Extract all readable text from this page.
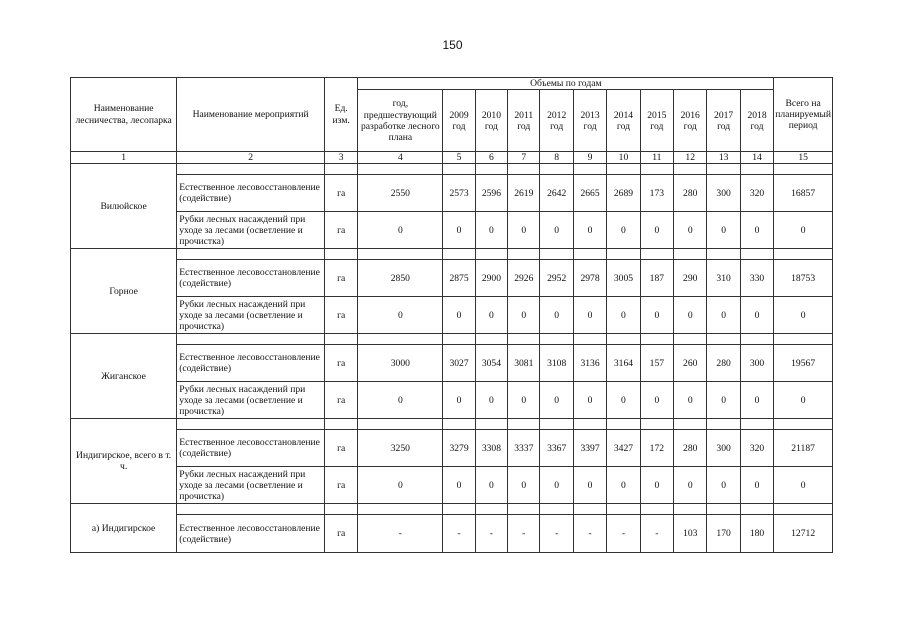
150
Наименование лесничества, лесопарка	Наименование мероприятий	Ед. изм.	Объемы по годам											Всего на планируемый период
			год, предшествующий разработке лесного плана	2009 год	2010 год	2011 год	2012 год	2013 год	2014 год	2015 год	2016 год	2017 год	2018 год	
1	2	3	4	5	6	7	8	9	10	11	12	13	14	15
Вилюйское														
	Естественное лесовосстановление (содействие)	га	2550	2573	2596	2619	2642	2665	2689	173	280	300	320	16857
	Рубки лесных насаждений при уходе за лесами (осветление и прочистка)	га	0	0	0	0	0	0	0	0	0	0	0	0
Горное														
	Естественное лесовосстановление (содействие)	га	2850	2875	2900	2926	2952	2978	3005	187	290	310	330	18753
	Рубки лесных насаждений при уходе за лесами (осветление и прочистка)	га	0	0	0	0	0	0	0	0	0	0	0	0
Жиганское														
	Естественное лесовосстановление (содействие)	га	3000	3027	3054	3081	3108	3136	3164	157	260	280	300	19567
	Рубки лесных насаждений при уходе за лесами (осветление и прочистка)	га	0	0	0	0	0	0	0	0	0	0	0	0
Индигирское, всего в т. ч.														
	Естественное лесовосстановление (содействие)	га	3250	3279	3308	3337	3367	3397	3427	172	280	300	320	21187
	Рубки лесных насаждений при уходе за лесами (осветление и прочистка)	га	0	0	0	0	0	0	0	0	0	0	0	0
а) Индигирское														
	Естественное лесовосстановление (содействие)	га	-	-	-	-	-	-	-	-	103	170	180	12712
